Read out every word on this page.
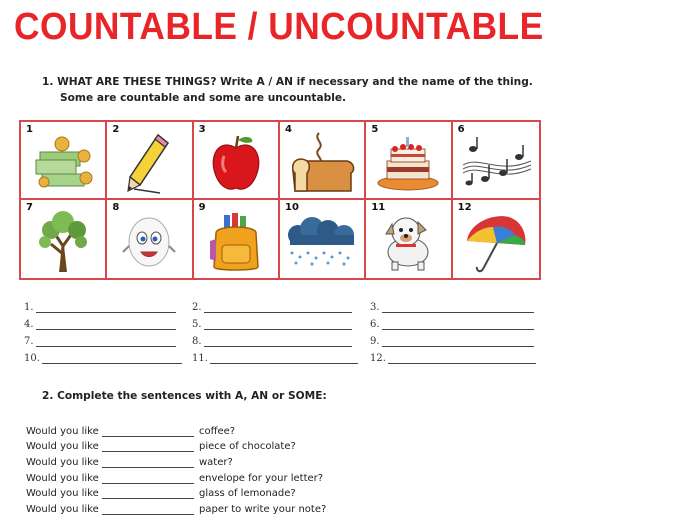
COUNTABLE / UNCOUNTABLE
1. WHAT ARE THESE THINGS? Write A / AN if necessary and the name of the thing.
Some are countable and some are uncountable.
1	2	3	4	5	6
7	8	9	10	11	12
1.	2.	3.
4.	5.	6.
7.	8.	9.
10.	11.	12.
2. Complete the sentences with A, AN or SOME:
Would you like	coffee?
Would you like	piece of chocolate?
Would you like	water?
Would you like	envelope for your letter?
Would you like	glass of lemonade?
Would you like	paper to write your note?
